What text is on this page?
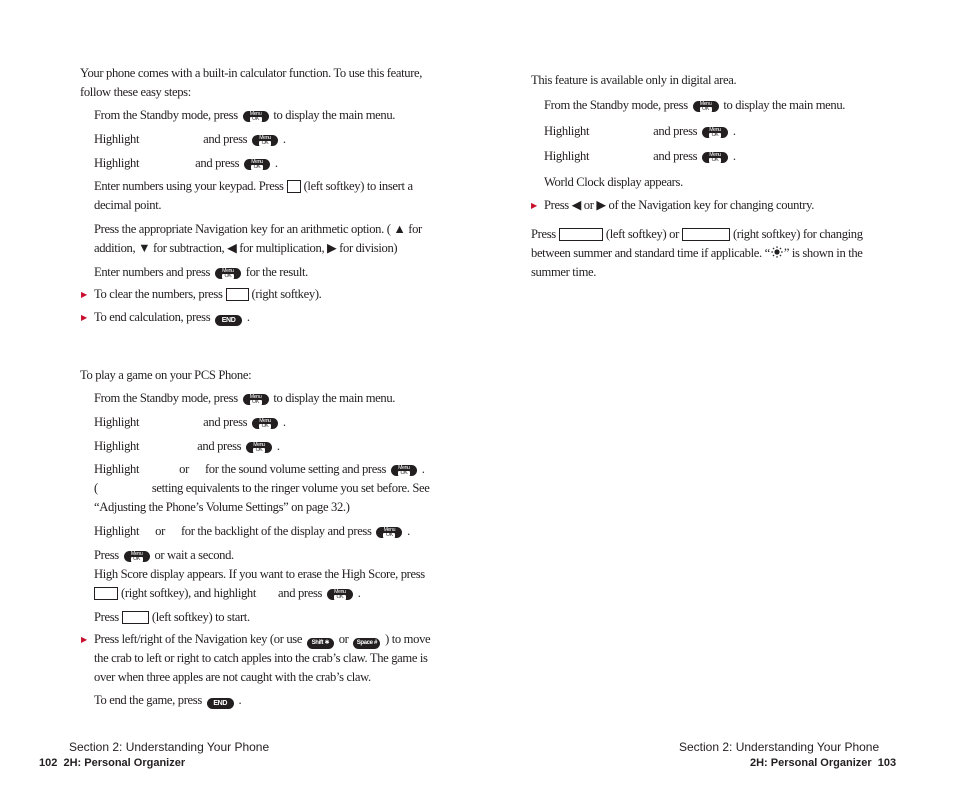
Your phone comes with a built-in calculator function. To use this feature,
follow these easy steps:
From the Standby mode, press	Menu
OK to display the main menu.
Highlight	and press	Menu
OK .
Highlight	and press	Menu
OK .
Enter numbers using your keypad. Press (left softkey) to insert a
decimal point.
Press the appropriate Navigation key for an arithmetic option. ( ▲ for
addition, ▼ for subtraction, ◀ for multiplication, ▶ for division)
Enter numbers and press	Menu
OK for the result.
▶ To clear the numbers, press (right softkey).
▶ To end calculation, press END .
To play a game on your PCS Phone:
From the Standby mode, press	Menu
OK to display the main menu.
Highlight	and press	Menu
OK .
Highlight	and press	Menu
OK .
Highlight	or for the sound volume setting and press	Menu
OK .
(	setting equivalents to the ringer volume you set before. See
“Adjusting the Phone’s Volume Settings” on page 32.)
Highlight or for the backlight of the display and press	Menu
OK .
Press	Menu
OK or wait a second.
High Score display appears. If you want to erase the High Score, press
(right softkey), and highlight and press	Menu
OK .
Press	(left softkey) to start.
▶ Press left/right of the Navigation key (or use Shift ✱ or Space # ) to move
the crab to left or right to catch apples into the crab’s claw. The game is
over when three apples are not caught with the crab’s claw.
To end the game, press END .
Section 2: Understanding Your Phone
102 2H: Personal Organizer
This feature is available only in digital area.
From the Standby mode, press	Menu
OK to display the main menu.
Highlight	and press	Menu
OK .
Highlight	and press	Menu
OK .
World Clock display appears.
▶ Press ◀ or ▶ of the Navigation key for changing country.
Press	(left softkey) or	(right softkey) for changing
between summer and standard time if applicable. “ ” is shown in the
summer time.
Section 2: Understanding Your Phone
2H: Personal Organizer 103
